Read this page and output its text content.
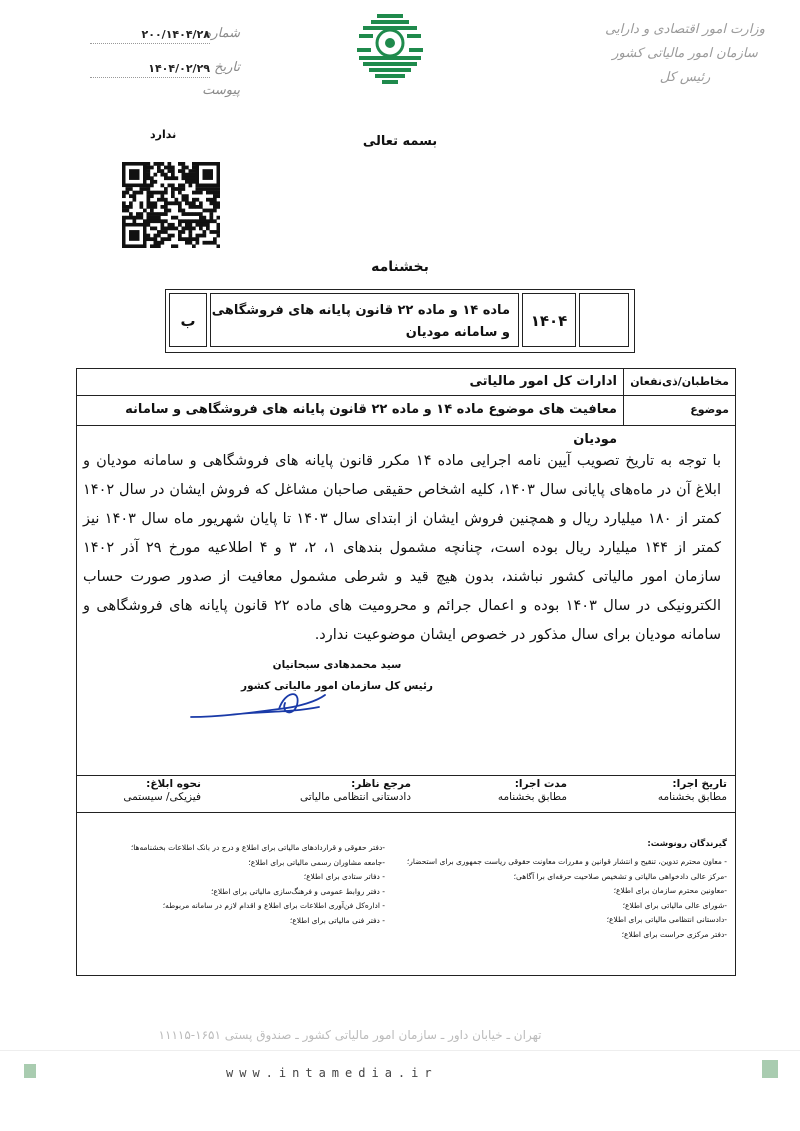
وزارت امور اقتصادی و دارایی
سازمان امور مالیاتی کشور
رئیس کل
شماره
۲۰۰/۱۴۰۴/۲۸
تاریخ
۱۴۰۴/۰۲/۲۹
پیوست
ندارد	بسمه تعالی
بخشنامه
۱۴۰۴
ماده ۱۴ و ماده ۲۲ قانون پایانه های فروشگاهی
و سامانه مودیان
ب
مخاطبان/ذی‌نفعان
ادارات کل امور مالیاتی
موضوع
معافیت های موضوع ماده ۱۴ و ماده ۲۲ قانون پایانه های فروشگاهی و سامانه مودیان
با توجه به تاریخ تصویب آیین نامه اجرایی ماده ۱۴ مکرر قانون پایانه های فروشگاهی و سامانه مودیان و ابلاغ آن در ماه‌های پایانی سال ۱۴۰۳، کلیه اشخاص حقیقی صاحبان مشاغل که فروش ایشان در سال ۱۴۰۲ کمتر از ۱۸۰ میلیارد ریال و همچنین فروش ایشان از ابتدای سال ۱۴۰۳ تا پایان شهریور ماه سال ۱۴۰۳ نیز کمتر از ۱۴۴ میلیارد ریال بوده است، چنانچه مشمول بندهای ۱، ۲، ۳ و ۴ اطلاعیه مورخ ۲۹ آذر ۱۴۰۲ سازمان امور مالیاتی کشور نباشند، بدون هیچ قید و شرطی مشمول معافیت از صدور صورت حساب الکترونیکی در سال ۱۴۰۳ بوده و اعمال جرائم و محرومیت های ماده ۲۲ قانون پایانه های فروشگاهی و سامانه مودیان برای سال مذکور در خصوص ایشان موضوعیت ندارد.
سید محمدهادی سبحانیان
رئیس کل سازمان امور مالیاتی کشور
تاریخ اجرا:
مطابق بخشنامه
مدت اجرا:
مطابق بخشنامه
مرجع ناظر:
دادستانی انتظامی مالیاتی
نحوه ابلاغ:
فیزیکی/ سیستمی
گیرندگان رونوشت:
- معاون محترم تدوین، تنقیح و انتشار قوانین و مقررات معاونت حقوقی ریاست جمهوری برای استحضار؛
-مرکز عالی دادخواهی مالیاتی و تشخیص صلاحیت حرفه‌ای برا آگاهی؛
-معاونین محترم سازمان برای اطلاع؛
-شورای عالی مالیاتی برای اطلاع؛
-دادستانی انتظامی مالیاتی برای اطلاع؛
-دفتر مرکزی حراست برای اطلاع؛
-دفتر حقوقی و قراردادهای مالیاتی برای اطلاع و درج در بانک اطلاعات بخشنامه‌ها؛
-جامعه مشاوران رسمی مالیاتی برای اطلاع؛
- دفاتر ستادی برای اطلاع؛
- دفتر روابط عمومی و فرهنگ‌سازی مالیاتی برای اطلاع؛
- اداره‌کل فن‌آوری اطلاعات برای اطلاع و اقدام لازم در سامانه مربوطه؛
- دفتر فنی مالیاتی برای اطلاع؛
تهران ـ خیابان داور ـ سازمان امور مالیاتی کشور ـ صندوق پستی ۱۶۵۱-۱۱۱۱۵
www.intamedia.ir
